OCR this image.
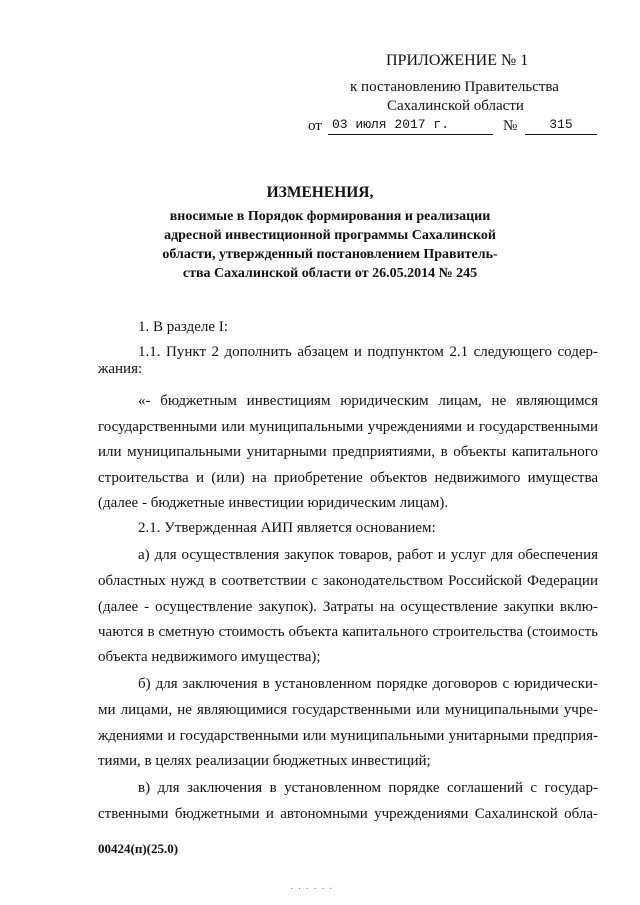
ПРИЛОЖЕНИЕ № 1
к постановлению Правительства
Сахалинской области
от 03 июля 2017 г.	№	315
ИЗМЕНЕНИЯ,
вносимые в Порядок формирования и реализации
адресной инвестиционной программы Сахалинской
области, утвержденный постановлением Правитель-
ства Сахалинской области от 26.05.2014 № 245
1. В разделе I:
1.1. Пункт 2 дополнить абзацем и подпунктом 2.1 следующего содер-
жания:
«- бюджетным инвестициям юридическим лицам, не являющимся
государственными или муниципальными учреждениями и государственными
или муниципальными унитарными предприятиями, в объекты капитального
строительства и (или) на приобретение объектов недвижимого имущества
(далее - бюджетные инвестиции юридическим лицам).
2.1. Утвержденная АИП является основанием:
а) для осуществления закупок товаров, работ и услуг для обеспечения
областных нужд в соответствии с законодательством Российской Федерации
(далее - осуществление закупок). Затраты на осуществление закупки вклю-
чаются в сметную стоимость объекта капитального строительства (стоимость
объекта недвижимого имущества);
б) для заключения в установленном порядке договоров с юридически-
ми лицами, не являющимися государственными или муниципальными учре-
ждениями и государственными или муниципальными унитарными предприя-
тиями, в целях реализации бюджетных инвестиций;
в) для заключения в установленном порядке соглашений с государ-
ственными бюджетными и автономными учреждениями Сахалинской обла-
00424(п)(25.0)
· · · · · ·
